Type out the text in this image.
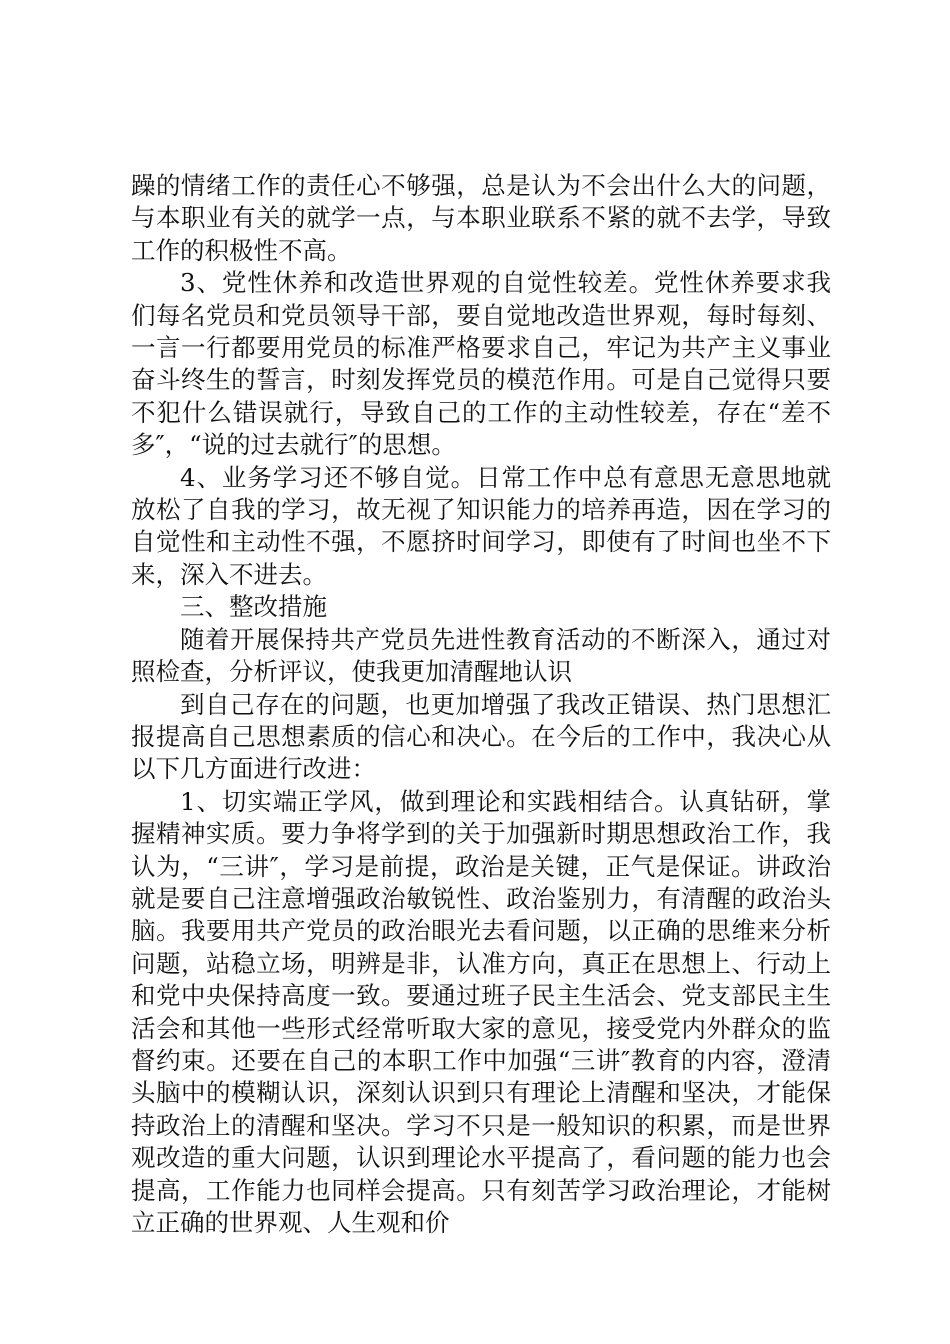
躁的情绪工作的责任心不够强，总是认为不会出什么大的问题，与本职业有关的就学一点，与本职业联系不紧的就不去学，导致工作的积极性不高。

3、党性休养和改造世界观的自觉性较差。党性休养要求我们每名党员和党员领导干部，要自觉地改造世界观，每时每刻、一言一行都要用党员的标准严格要求自己，牢记为共产主义事业奋斗终生的誓言，时刻发挥党员的模范作用。可是自己觉得只要不犯什么错误就行，导致自己的工作的主动性较差，存在“差不多″，“说的过去就行″的思想。

4、业务学习还不够自觉。日常工作中总有意思无意思地就放松了自我的学习，故无视了知识能力的培养再造，因在学习的自觉性和主动性不强，不愿挤时间学习，即使有了时间也坐不下来，深入不进去。

三、整改措施

随着开展保持共产党员先进性教育活动的不断深入，通过对照检查，分析评议，使我更加清醒地认识

到自己存在的问题，也更加增强了我改正错误、热门思想汇报提高自己思想素质的信心和决心。在今后的工作中，我决心从以下几方面进行改进：

1、切实端正学风，做到理论和实践相结合。认真钻研，掌握精神实质。要力争将学到的关于加强新时期思想政治工作，我认为，“三讲″，学习是前提，政治是关键，正气是保证。讲政治就是要自己注意增强政治敏锐性、政治鉴别力，有清醒的政治头脑。我要用共产党员的政治眼光去看问题，以正确的思维来分析问题，站稳立场，明辨是非，认准方向，真正在思想上、行动上和党中央保持高度一致。要通过班子民主生活会、党支部民主生活会和其他一些形式经常听取大家的意见，接受党内外群众的监督约束。还要在自己的本职工作中加强“三讲″教育的内容，澄清头脑中的模糊认识，深刻认识到只有理论上清醒和坚决，才能保持政治上的清醒和坚决。学习不只是一般知识的积累，而是世界观改造的重大问题，认识到理论水平提高了，看问题的能力也会提高，工作能力也同样会提高。只有刻苦学习政治理论，才能树立正确的世界观、人生观和价
